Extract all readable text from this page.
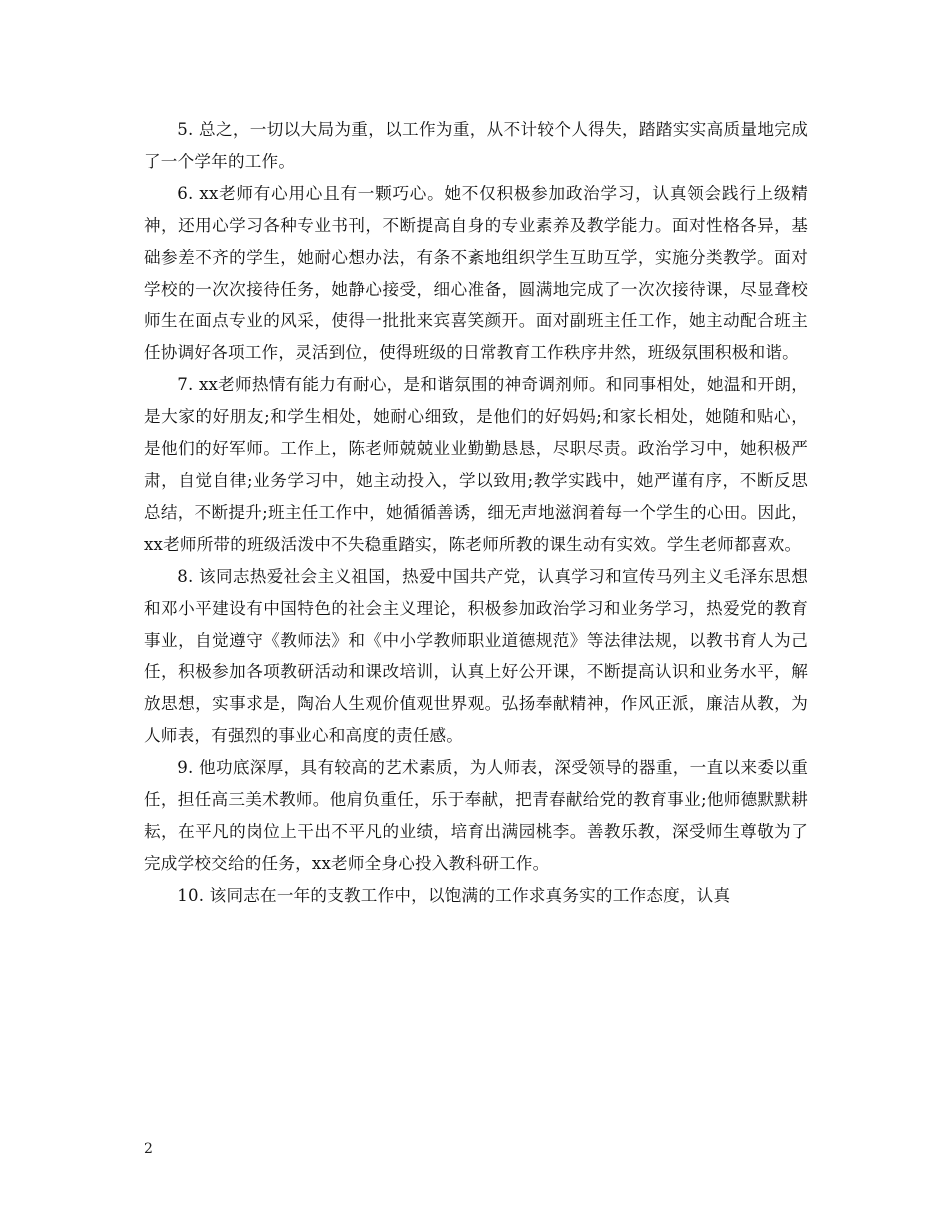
5. 总之，一切以大局为重，以工作为重，从不计较个人得失，踏踏实实高质量地完成了一个学年的工作。

6. xx老师有心用心且有一颗巧心。她不仅积极参加政治学习，认真领会践行上级精神，还用心学习各种专业书刊，不断提高自身的专业素养及教学能力。面对性格各异，基础参差不齐的学生，她耐心想办法，有条不紊地组织学生互助互学，实施分类教学。面对学校的一次次接待任务，她静心接受，细心准备，圆满地完成了一次次接待课，尽显聋校师生在面点专业的风采，使得一批批来宾喜笑颜开。面对副班主任工作，她主动配合班主任协调好各项工作，灵活到位，使得班级的日常教育工作秩序井然，班级氛围积极和谐。

7. xx老师热情有能力有耐心，是和谐氛围的神奇调剂师。和同事相处，她温和开朗，是大家的好朋友;和学生相处，她耐心细致，是他们的好妈妈;和家长相处，她随和贴心，是他们的好军师。工作上，陈老师兢兢业业勤勤恳恳，尽职尽责。政治学习中，她积极严肃，自觉自律;业务学习中，她主动投入，学以致用;教学实践中，她严谨有序，不断反思总结，不断提升;班主任工作中，她循循善诱，细无声地滋润着每一个学生的心田。因此，xx老师所带的班级活泼中不失稳重踏实，陈老师所教的课生动有实效。学生老师都喜欢。

8. 该同志热爱社会主义祖国，热爱中国共产党，认真学习和宣传马列主义毛泽东思想和邓小平建设有中国特色的社会主义理论，积极参加政治学习和业务学习，热爱党的教育事业，自觉遵守《教师法》和《中小学教师职业道德规范》等法律法规，以教书育人为己任，积极参加各项教研活动和课改培训，认真上好公开课，不断提高认识和业务水平，解放思想，实事求是，陶冶人生观价值观世界观。弘扬奉献精神，作风正派，廉洁从教，为人师表，有强烈的事业心和高度的责任感。

9. 他功底深厚，具有较高的艺术素质，为人师表，深受领导的器重，一直以来委以重任，担任高三美术教师。他肩负重任，乐于奉献，把青春献给党的教育事业;他师德默默耕耘，在平凡的岗位上干出不平凡的业绩，培育出满园桃李。善教乐教，深受师生尊敬为了完成学校交给的任务，xx老师全身心投入教科研工作。

10. 该同志在一年的支教工作中，以饱满的工作求真务实的工作态度，认真

2
